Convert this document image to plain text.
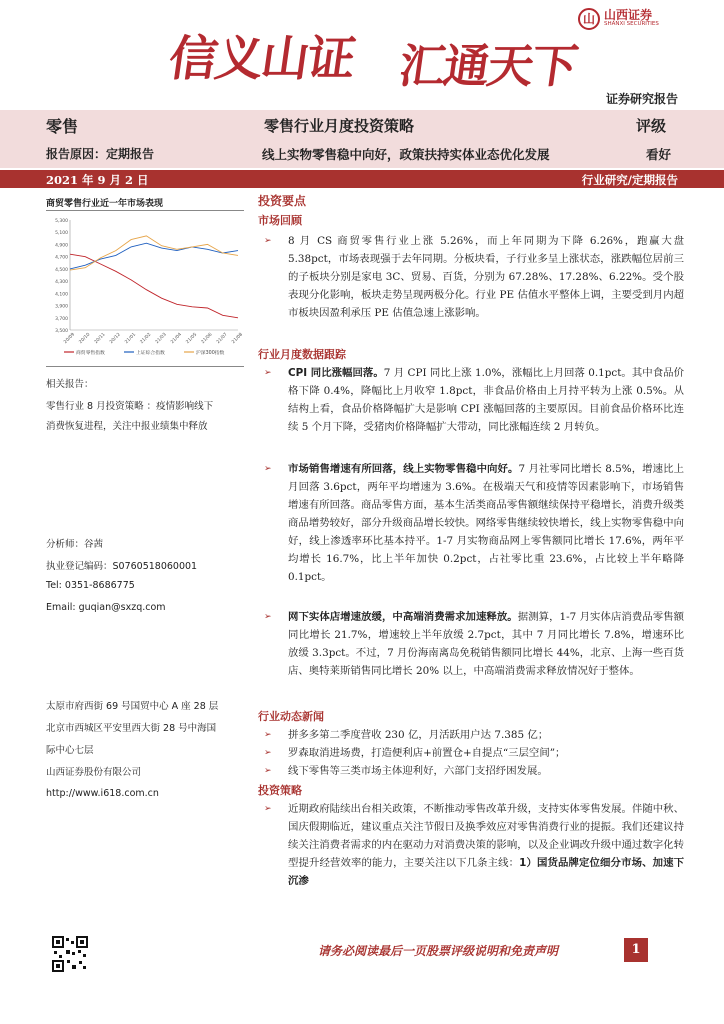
信义山证 汇通天下
山 山西证券
SHANXI SECURITIES
证券研究报告
零售
报告原因：定期报告
零售行业月度投资策略
线上实物零售稳中向好，政策扶持实体业态优化发展
评级
看好
2021 年 9 月 2 日	行业研究/定期报告
商贸零售行业近一年市场表现
5,300
5,100
4,900
4,700
4,500
4,300
4,100
3,900
3,700
3,500
20/09 20/10 20/11 20/12 21/01 21/02 21/03 21/04 21/05 21/06 21/07 21/08
商贸零售指数	上证综合指数	沪深300指数
相关报告：
零售行业 8 月投资策略 ：疫情影响线下
消费恢复进程，关注中报业绩集中释放
分析师：谷茜
执业登记编码：S0760518060001
Tel: 0351-8686775
Email: guqian@sxzq.com
太原市府西街 69 号国贸中心 A 座 28 层
北京市西城区平安里西大街 28 号中海国
际中心七层
山西证券股份有限公司
http://www.i618.com.cn
投资要点
市场回顾
➢	8 月 CS 商贸零售行业上涨 5.26%，而上年同期为下降 6.26%，跑赢大盘 5.38pct，市场表现强于去年同期。分板块看，子行业多呈上涨状态，涨跌幅位居前三的子板块分别是家电 3C、贸易、百货，分别为 67.28%、17.28%、6.22%。受个股表现分化影响，板块走势呈现两极分化。行业 PE 估值水平整体上调，主要受到月内超市板块因盈利承压 PE 估值急速上涨影响。
行业月度数据跟踪
➢	CPI 同比涨幅回落。7 月 CPI 同比上涨 1.0%，涨幅比上月回落 0.1pct。其中食品价格下降 0.4%，降幅比上月收窄 1.8pct，非食品价格由上月持平转为上涨 0.5%。从结构上看，食品价格降幅扩大是影响 CPI 涨幅回落的主要原因。目前食品价格环比连续 5 个月下降，受猪肉价格降幅扩大带动，同比涨幅连续 2 月转负。
➢	市场销售增速有所回落，线上实物零售稳中向好。7 月社零同比增长 8.5%，增速比上月回落 3.6pct，两年平均增速为 3.6%。在极端天气和疫情等因素影响下，市场销售增速有所回落。商品零售方面，基本生活类商品零售额继续保持平稳增长，消费升级类商品增势较好，部分升级商品增长较快。网络零售继续较快增长，线上实物零售稳中向好，线上渗透率环比基本持平。1-7 月实物商品网上零售额同比增长 17.6%，两年平均增长 16.7%，比上半年加快 0.2pct，占社零比重 23.6%，占比较上半年略降 0.1pct。
➢	网下实体店增速放缓，中高端消费需求加速释放。据测算，1-7 月实体店消费品零售额同比增长 21.7%，增速较上半年放缓 2.7pct，其中 7 月同比增长 7.8%，增速环比放缓 3.3pct。不过，7 月份海南离岛免税销售额同比增长 44%，北京、上海一些百货店、奥特莱斯销售同比增长 20% 以上，中高端消费需求释放情况好于整体。
行业动态新闻
➢	拼多多第二季度营收 230 亿，月活跃用户达 7.385 亿；
➢	罗森取消进场费，打造便利店+前置仓+自提点“三层空间”；
➢	线下零售等三类市场主体迎利好，六部门支招纾困发展。
投资策略
➢	近期政府陆续出台相关政策，不断推动零售改革升级，支持实体零售发展。伴随中秋、国庆假期临近，建议重点关注节假日及换季效应对零售消费行业的提振。我们还建议持续关注消费者需求的内在驱动力对消费决策的影响，以及企业调改升级中通过数字化转型提升经营效率的能力，主要关注以下几条主线：1）国货品牌定位细分市场、加速下沉渗
请务必阅读最后一页股票评级说明和免责声明	1
